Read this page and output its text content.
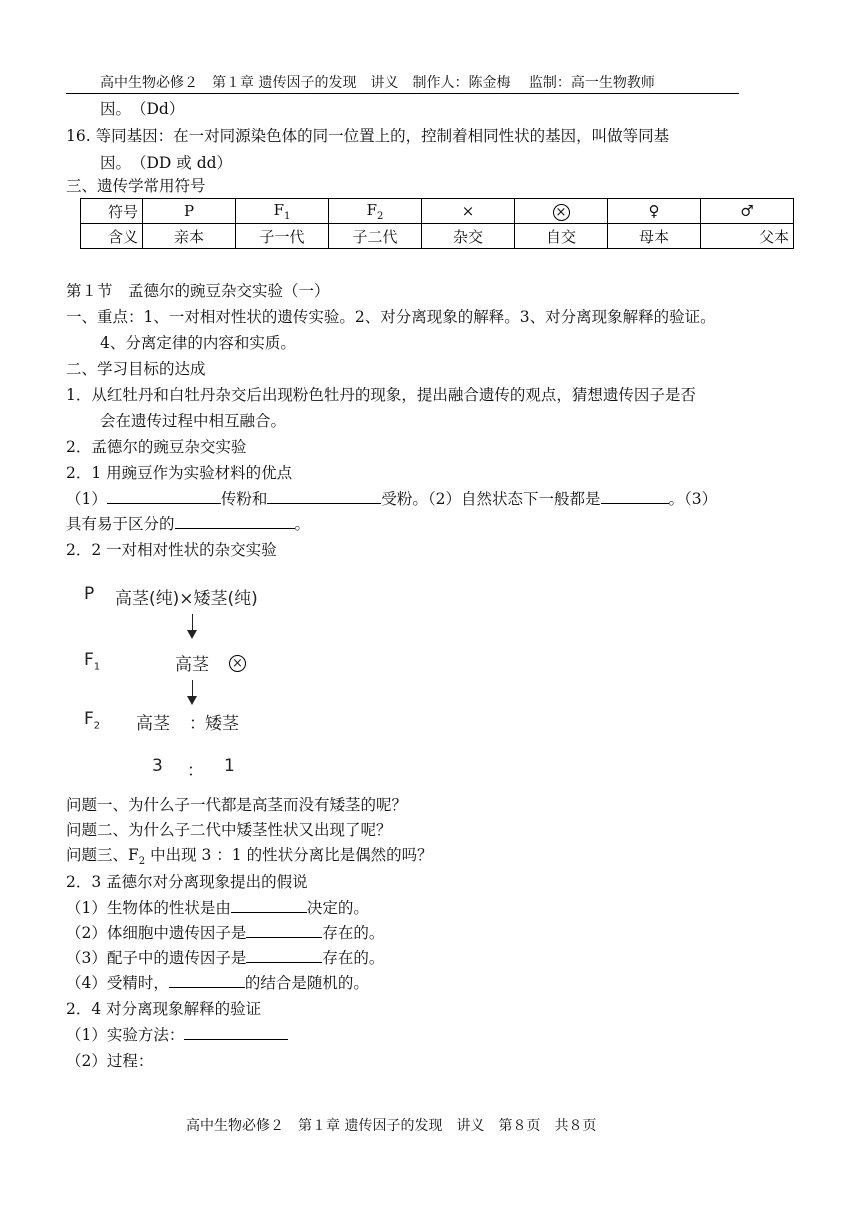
高中生物必修２　第１章 遗传因子的发现　讲义　制作人：陈金梅　 监制：高一生物教师
因。　（Dd）
16. 等同基因：在一对同源染色体的同一位置上的，控制着相同性状的基因，叫做等同基
因。　（DD 或 dd）
三、遗传学常用符号
符号	P	$F_1$	$F_2$	×	×	♀	♂
含义	亲本	子一代	子二代	杂交	自交	母本	父本
第１节　孟德尔的豌豆杂交实验（一）
一、重点：1、一对相对性状的遗传实验。2、对分离现象的解释。3、对分离现象解释的验证。
4、分离定律的内容和实质。
二、学习目标的达成
1．从红牡丹和白牡丹杂交后出现粉色牡丹的现象，提出融合遗传的观点，猜想遗传因子是否
会在遗传过程中相互融合。
2．孟德尔的豌豆杂交实验
2．1 用豌豆作为实验材料的优点
（1）	传粉和	受粉。（2）自然状态下一般都是	。（3）
具有易于区分的	。
2．2 一对相对性状的杂交实验
P 高茎(纯)×矮茎(纯)
$F_1$	高茎 ×
$F_2$ 高茎 ： 矮茎
3 ： 1
问题一、为什么子一代都是高茎而没有矮茎的呢？
问题二、为什么子二代中矮茎性状又出现了呢？
问题三、$F_2$ 中出现 3 ：1 的性状分离比是偶然的吗？
2．3 孟德尔对分离现象提出的假说
（1）生物体的性状是由	决定的。
（2）体细胞中遗传因子是	存在的。
（3）配子中的遗传因子是	存在的。
（4）受精时，	的结合是随机的。
2．4 对分离现象解释的验证
（1）实验方法：
（2）过程：
高中生物必修２　第１章 遗传因子的发现　讲义　第８页　共８页
